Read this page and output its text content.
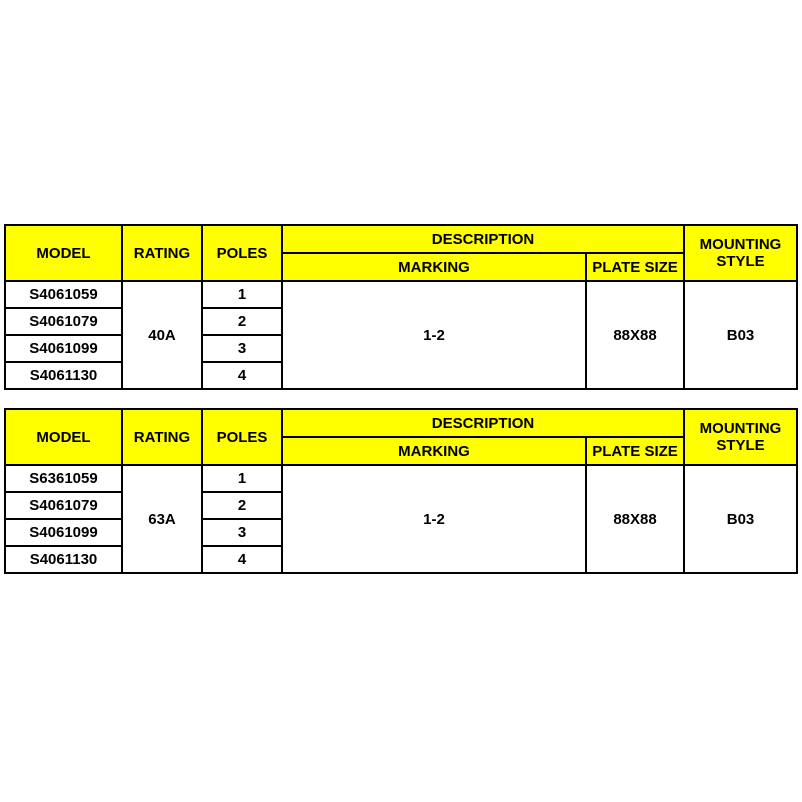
MODEL	RATING	POLES	DESCRIPTION		MOUNTING
STYLE
			MARKING	PLATE SIZE	
S4061059	40A	1	1-2	88X88	B03
S4061079		2			
S4061099		3			
S4061130		4			
MODEL	RATING	POLES	DESCRIPTION		MOUNTING
STYLE
			MARKING	PLATE SIZE	
S6361059	63A	1	1-2	88X88	B03
S4061079		2			
S4061099		3			
S4061130		4			
